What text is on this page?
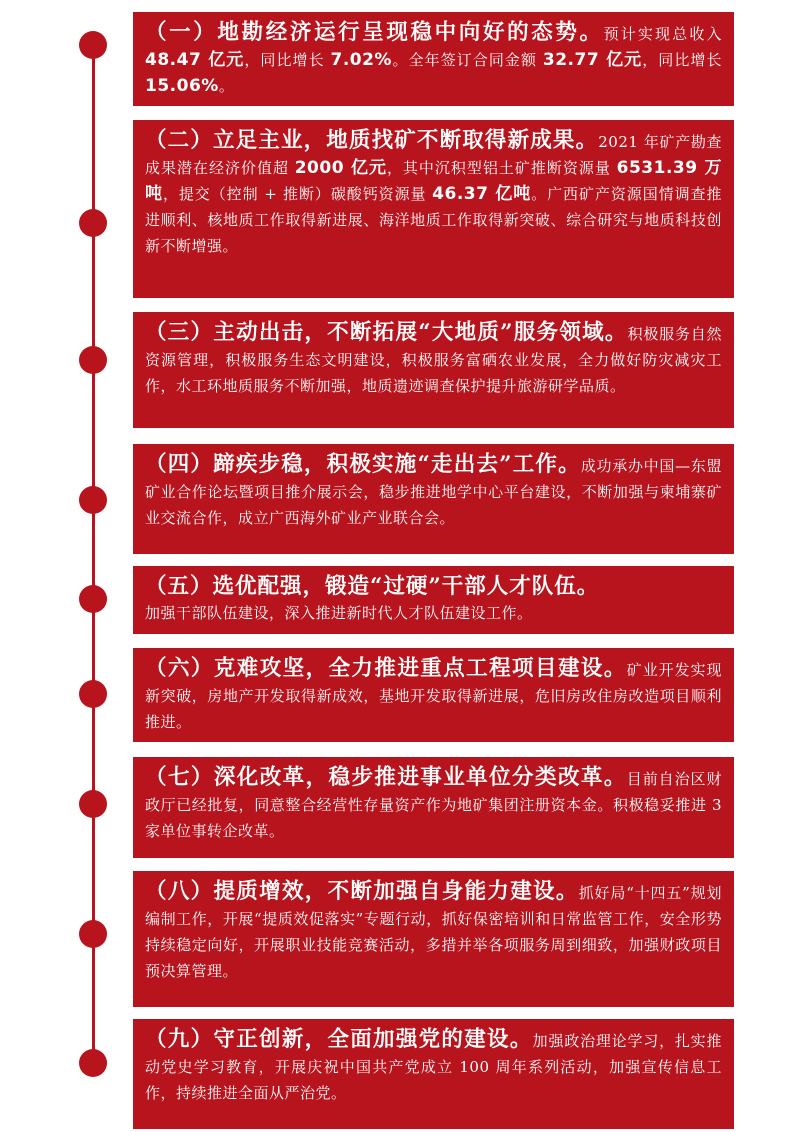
（一）地勘经济运行呈现稳中向好的态势。预计实现总收入 48.47 亿元，同比增长 7.02%。全年签订合同金额 32.77 亿元，同比增长 15.06%。

（二）立足主业，地质找矿不断取得新成果。2021 年矿产勘查成果潜在经济价值超 2000 亿元，其中沉积型铝土矿推断资源量 6531.39 万吨，提交（控制 + 推断）碳酸钙资源量 46.37 亿吨。广西矿产资源国情调查推进顺利、核地质工作取得新进展、海洋地质工作取得新突破、综合研究与地质科技创新不断增强。

（三）主动出击，不断拓展“大地质”服务领域。积极服务自然资源管理，积极服务生态文明建设，积极服务富硒农业发展，全力做好防灾减灾工作，水工环地质服务不断加强，地质遗迹调查保护提升旅游研学品质。

（四）蹄疾步稳，积极实施“走出去”工作。成功承办中国—东盟矿业合作论坛暨项目推介展示会，稳步推进地学中心平台建设，不断加强与柬埔寨矿业交流合作，成立广西海外矿业产业联合会。

（五）选优配强，锻造“过硬”干部人才队伍。
加强干部队伍建设，深入推进新时代人才队伍建设工作。

（六）克难攻坚，全力推进重点工程项目建设。矿业开发实现新突破，房地产开发取得新成效，基地开发取得新进展，危旧房改住房改造项目顺利推进。

（七）深化改革，稳步推进事业单位分类改革。目前自治区财政厅已经批复，同意整合经营性存量资产作为地矿集团注册资本金。积极稳妥推进 3 家单位事转企改革。

（八）提质增效，不断加强自身能力建设。抓好局“十四五”规划编制工作，开展“提质效促落实”专题行动，抓好保密培训和日常监管工作，安全形势持续稳定向好，开展职业技能竞赛活动，多措并举各项服务周到细致，加强财政项目预决算管理。

（九）守正创新，全面加强党的建设。加强政治理论学习，扎实推动党史学习教育，开展庆祝中国共产党成立 100 周年系列活动，加强宣传信息工作，持续推进全面从严治党。
